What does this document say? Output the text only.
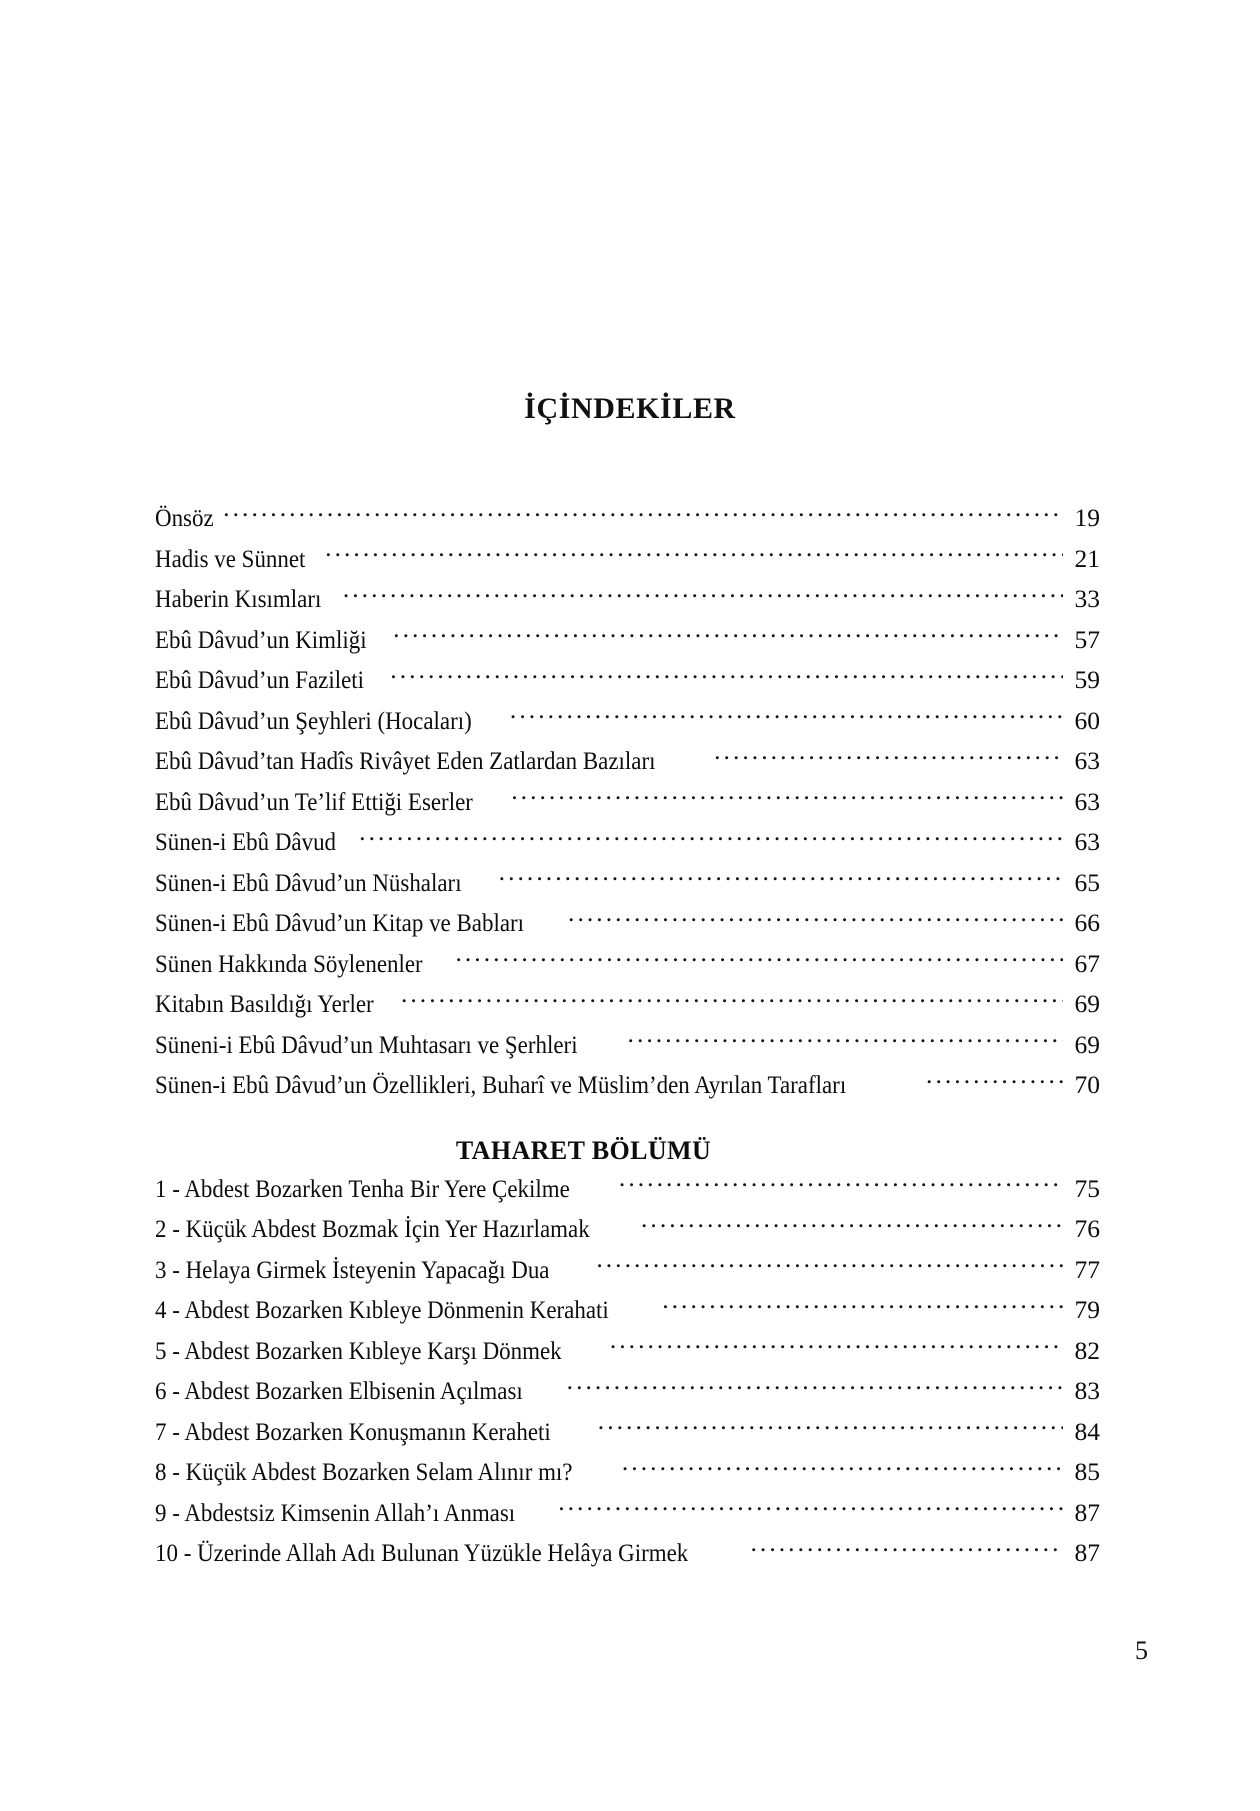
İÇİNDEKİLER
Önsöz .....	19
Hadis ve Sünnet .....	21
Haberin Kısımları .....	33
Ebû Dâvud’un Kimliği .....	57
Ebû Dâvud’un Fazileti .....	59
Ebû Dâvud’un Şeyhleri (Hocaları) .....	60
Ebû Dâvud’tan Hadîs Rivâyet Eden Zatlardan Bazıları .....	63
Ebû Dâvud’un Te’lif Ettiği Eserler .....	63
Sünen-i Ebû Dâvud .....	63
Sünen-i Ebû Dâvud’un Nüshaları .....	65
Sünen-i Ebû Dâvud’un Kitap ve Babları .....	66
Sünen Hakkında Söylenenler .....	67
Kitabın Basıldığı Yerler .....	69
Süneni-i Ebû Dâvud’un Muhtasarı ve Şerhleri .....	69
Sünen-i Ebû Dâvud’un Özellikleri, Buharî ve Müslim’den Ayrılan Tarafları .....	70
TAHARET BÖLÜMÜ
1 - Abdest Bozarken Tenha Bir Yere Çekilme .....	75
2 - Küçük Abdest Bozmak İçin Yer Hazırlamak .....	76
3 - Helaya Girmek İsteyenin Yapacağı Dua .....	77
4 - Abdest Bozarken Kıbleye Dönmenin Kerahati .....	79
5 - Abdest Bozarken Kıbleye Karşı Dönmek .....	82
6 - Abdest Bozarken Elbisenin Açılması .....	83
7 - Abdest Bozarken Konuşmanın Keraheti .....	84
8 - Küçük Abdest Bozarken Selam Alınır mı? .....	85
9 - Abdestsiz Kimsenin Allah’ı Anması .....	87
10 - Üzerinde Allah Adı Bulunan Yüzükle Helâya Girmek .....	87
5
